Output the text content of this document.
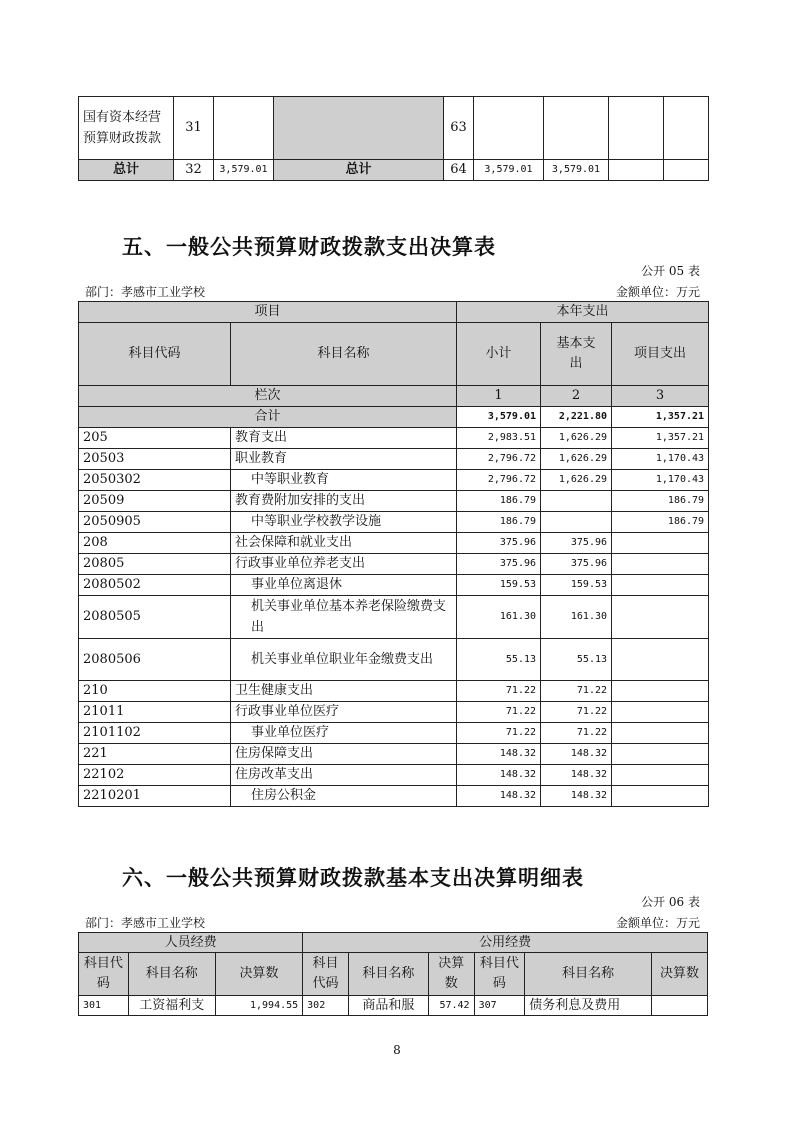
国有资本经营预算财政拨款	31			63				
总计	32	3,579.01	总计	64	3,579.01	3,579.01		
五、一般公共预算财政拨款支出决算表
公开 05 表
部门：孝感市工业学校	金额单位：万元
项目		本年支出		
科目代码	科目名称	小计	基本支出	项目支出
栏次		1	2	3
合计		3,579.01	2,221.80	1,357.21
205	教育支出	2,983.51	1,626.29	1,357.21
20503	职业教育	2,796.72	1,626.29	1,170.43
2050302	中等职业教育	2,796.72	1,626.29	1,170.43
20509	教育费附加安排的支出	186.79		186.79
2050905	中等职业学校教学设施	186.79		186.79
208	社会保障和就业支出	375.96	375.96	
20805	行政事业单位养老支出	375.96	375.96	
2080502	事业单位离退休	159.53	159.53	
2080505	机关事业单位基本养老保险缴费支出	161.30	161.30	
2080506	机关事业单位职业年金缴费支出	55.13	55.13	
210	卫生健康支出	71.22	71.22	
21011	行政事业单位医疗	71.22	71.22	
2101102	事业单位医疗	71.22	71.22	
221	住房保障支出	148.32	148.32	
22102	住房改革支出	148.32	148.32	
2210201	住房公积金	148.32	148.32	
六、一般公共预算财政拨款基本支出决算明细表
公开 06 表
部门：孝感市工业学校	金额单位：万元
人员经费			公用经费					
科目代码	科目名称	决算数	科目代码	科目名称	决算数	科目代码	科目名称	决算数
301	工资福利支	1,994.55	302	商品和服	57.42	307	债务利息及费用	
8
